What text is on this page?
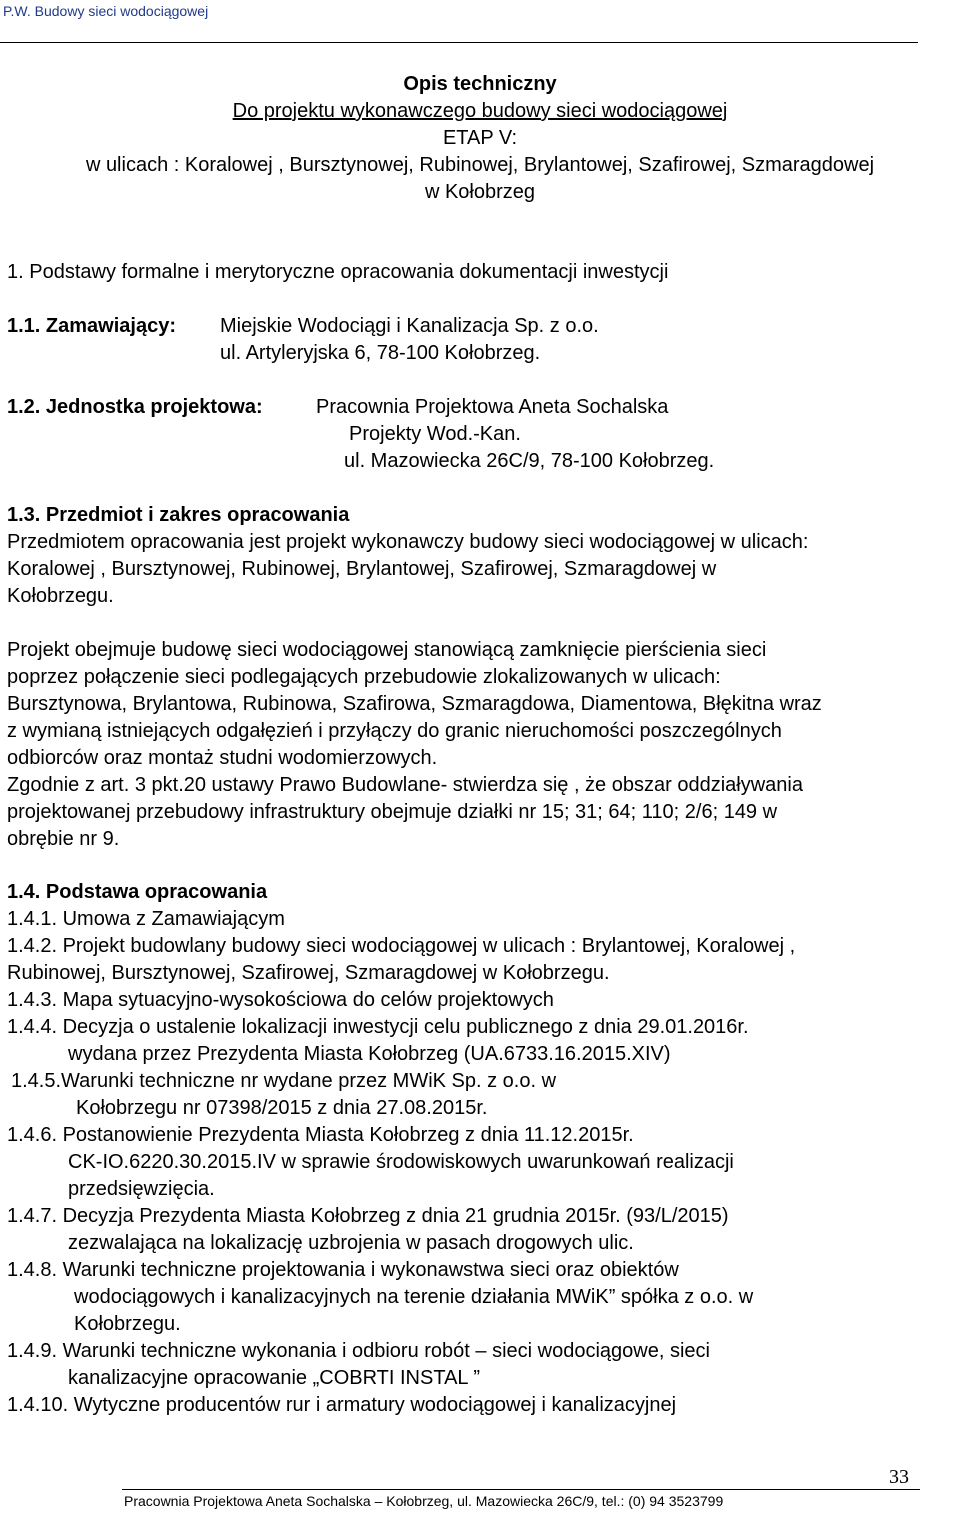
P.W. Budowy sieci wodociągowej
Opis techniczny
Do projektu wykonawczego budowy sieci wodociągowej
ETAP V:
w ulicach : Koralowej , Bursztynowej, Rubinowej, Brylantowej, Szafirowej, Szmaragdowej
w Kołobrzeg
1. Podstawy formalne i merytoryczne opracowania dokumentacji inwestycji
1.1. Zamawiający: Miejskie Wodociągi i Kanalizacja Sp. z o.o.
ul. Artyleryjska 6, 78-100 Kołobrzeg.
1.2. Jednostka projektowa:	Pracownia Projektowa Aneta Sochalska
Projekty Wod.-Kan.
ul. Mazowiecka 26C/9, 78-100 Kołobrzeg.
1.3. Przedmiot i zakres opracowania
Przedmiotem opracowania jest projekt wykonawczy budowy sieci wodociągowej w ulicach:
Koralowej , Bursztynowej, Rubinowej, Brylantowej, Szafirowej, Szmaragdowej w
Kołobrzegu.
Projekt obejmuje budowę sieci wodociągowej stanowiącą zamknięcie pierścienia sieci
poprzez połączenie sieci podlegających przebudowie zlokalizowanych w ulicach:
Bursztynowa, Brylantowa, Rubinowa, Szafirowa, Szmaragdowa, Diamentowa, Błękitna wraz
z wymianą istniejących odgałęzień i przyłączy do granic nieruchomości poszczególnych
odbiorców oraz montaż studni wodomierzowych.
Zgodnie z art. 3 pkt.20 ustawy Prawo Budowlane- stwierdza się , że obszar oddziaływania
projektowanej przebudowy infrastruktury obejmuje działki nr 15; 31; 64; 110; 2/6; 149 w
obrębie nr 9.
1.4. Podstawa opracowania
1.4.1. Umowa z Zamawiającym
1.4.2. Projekt budowlany budowy sieci wodociągowej w ulicach : Brylantowej, Koralowej ,
Rubinowej, Bursztynowej, Szafirowej, Szmaragdowej w Kołobrzegu.
1.4.3. Mapa sytuacyjno-wysokościowa do celów projektowych
1.4.4. Decyzja o ustalenie lokalizacji inwestycji celu publicznego z dnia 29.01.2016r.
wydana przez Prezydenta Miasta Kołobrzeg (UA.6733.16.2015.XIV)
1.4.5.Warunki techniczne nr wydane przez MWiK Sp. z o.o. w
Kołobrzegu nr 07398/2015 z dnia 27.08.2015r.
1.4.6. Postanowienie Prezydenta Miasta Kołobrzeg z dnia 11.12.2015r.
CK-IO.6220.30.2015.IV w sprawie środowiskowych uwarunkowań realizacji
przedsięwzięcia.
1.4.7. Decyzja Prezydenta Miasta Kołobrzeg z dnia 21 grudnia 2015r. (93/L/2015)
zezwalająca na lokalizację uzbrojenia w pasach drogowych ulic.
1.4.8. Warunki techniczne projektowania i wykonawstwa sieci oraz obiektów
wodociągowych i kanalizacyjnych na terenie działania MWiK” spółka z o.o. w
Kołobrzegu.
1.4.9. Warunki techniczne wykonania i odbioru robót – sieci wodociągowe, sieci
kanalizacyjne opracowanie „COBRTI INSTAL ”
1.4.10. Wytyczne producentów rur i armatury wodociągowej i kanalizacyjnej
33
Pracownia Projektowa Aneta Sochalska – Kołobrzeg, ul. Mazowiecka 26C/9, tel.: (0) 94 3523799
